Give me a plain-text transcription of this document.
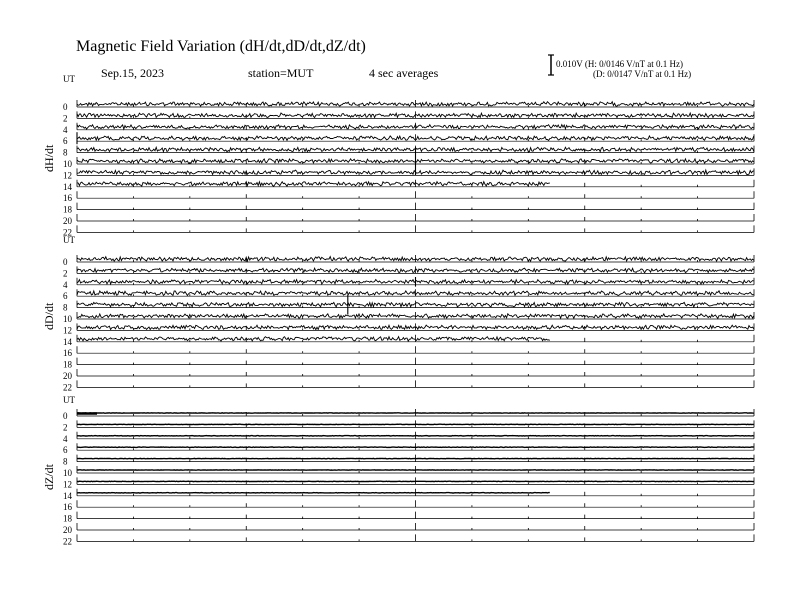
Magnetic Field Variation (dH/dt,dD/dt,dZ/dt)
Sep.15, 2023	station=MUT	4 sec averages
0.010V (H: 0/0146 V/nT at 0.1 Hz)
(D: 0/0147 V/nT at 0.1 Hz)
dH/dt
dD/dt
dZ/dt
UT
0
2
4
6
8
10
12
14
16
18
20
22
UT
0
2
4
6
8
10
12
14
16
18
20
22
UT
0
2
4
6
8
10
12
14
16
18
20
22
